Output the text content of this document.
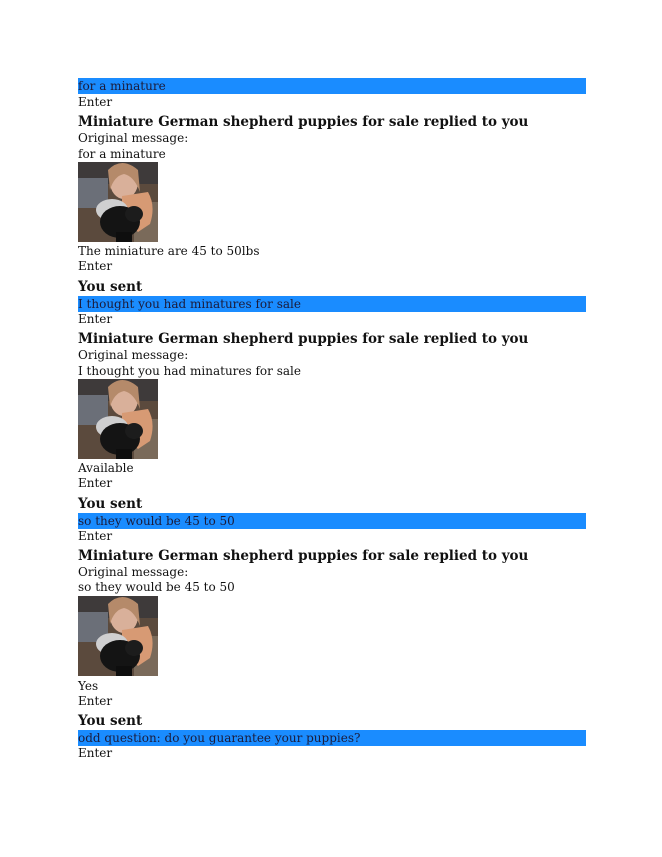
for a minature
Enter
Miniature German shepherd puppies for sale replied to you
Original message:
for a minature
The miniature are 45 to 50lbs
Enter
You sent
I thought you had minatures for sale
Enter
Miniature German shepherd puppies for sale replied to you
Original message:
I thought you had minatures for sale
Available
Enter
You sent
so they would be 45 to 50
Enter
Miniature German shepherd puppies for sale replied to you
Original message:
so they would be 45 to 50
Yes
Enter
You sent
odd question: do you guarantee your puppies?
Enter
